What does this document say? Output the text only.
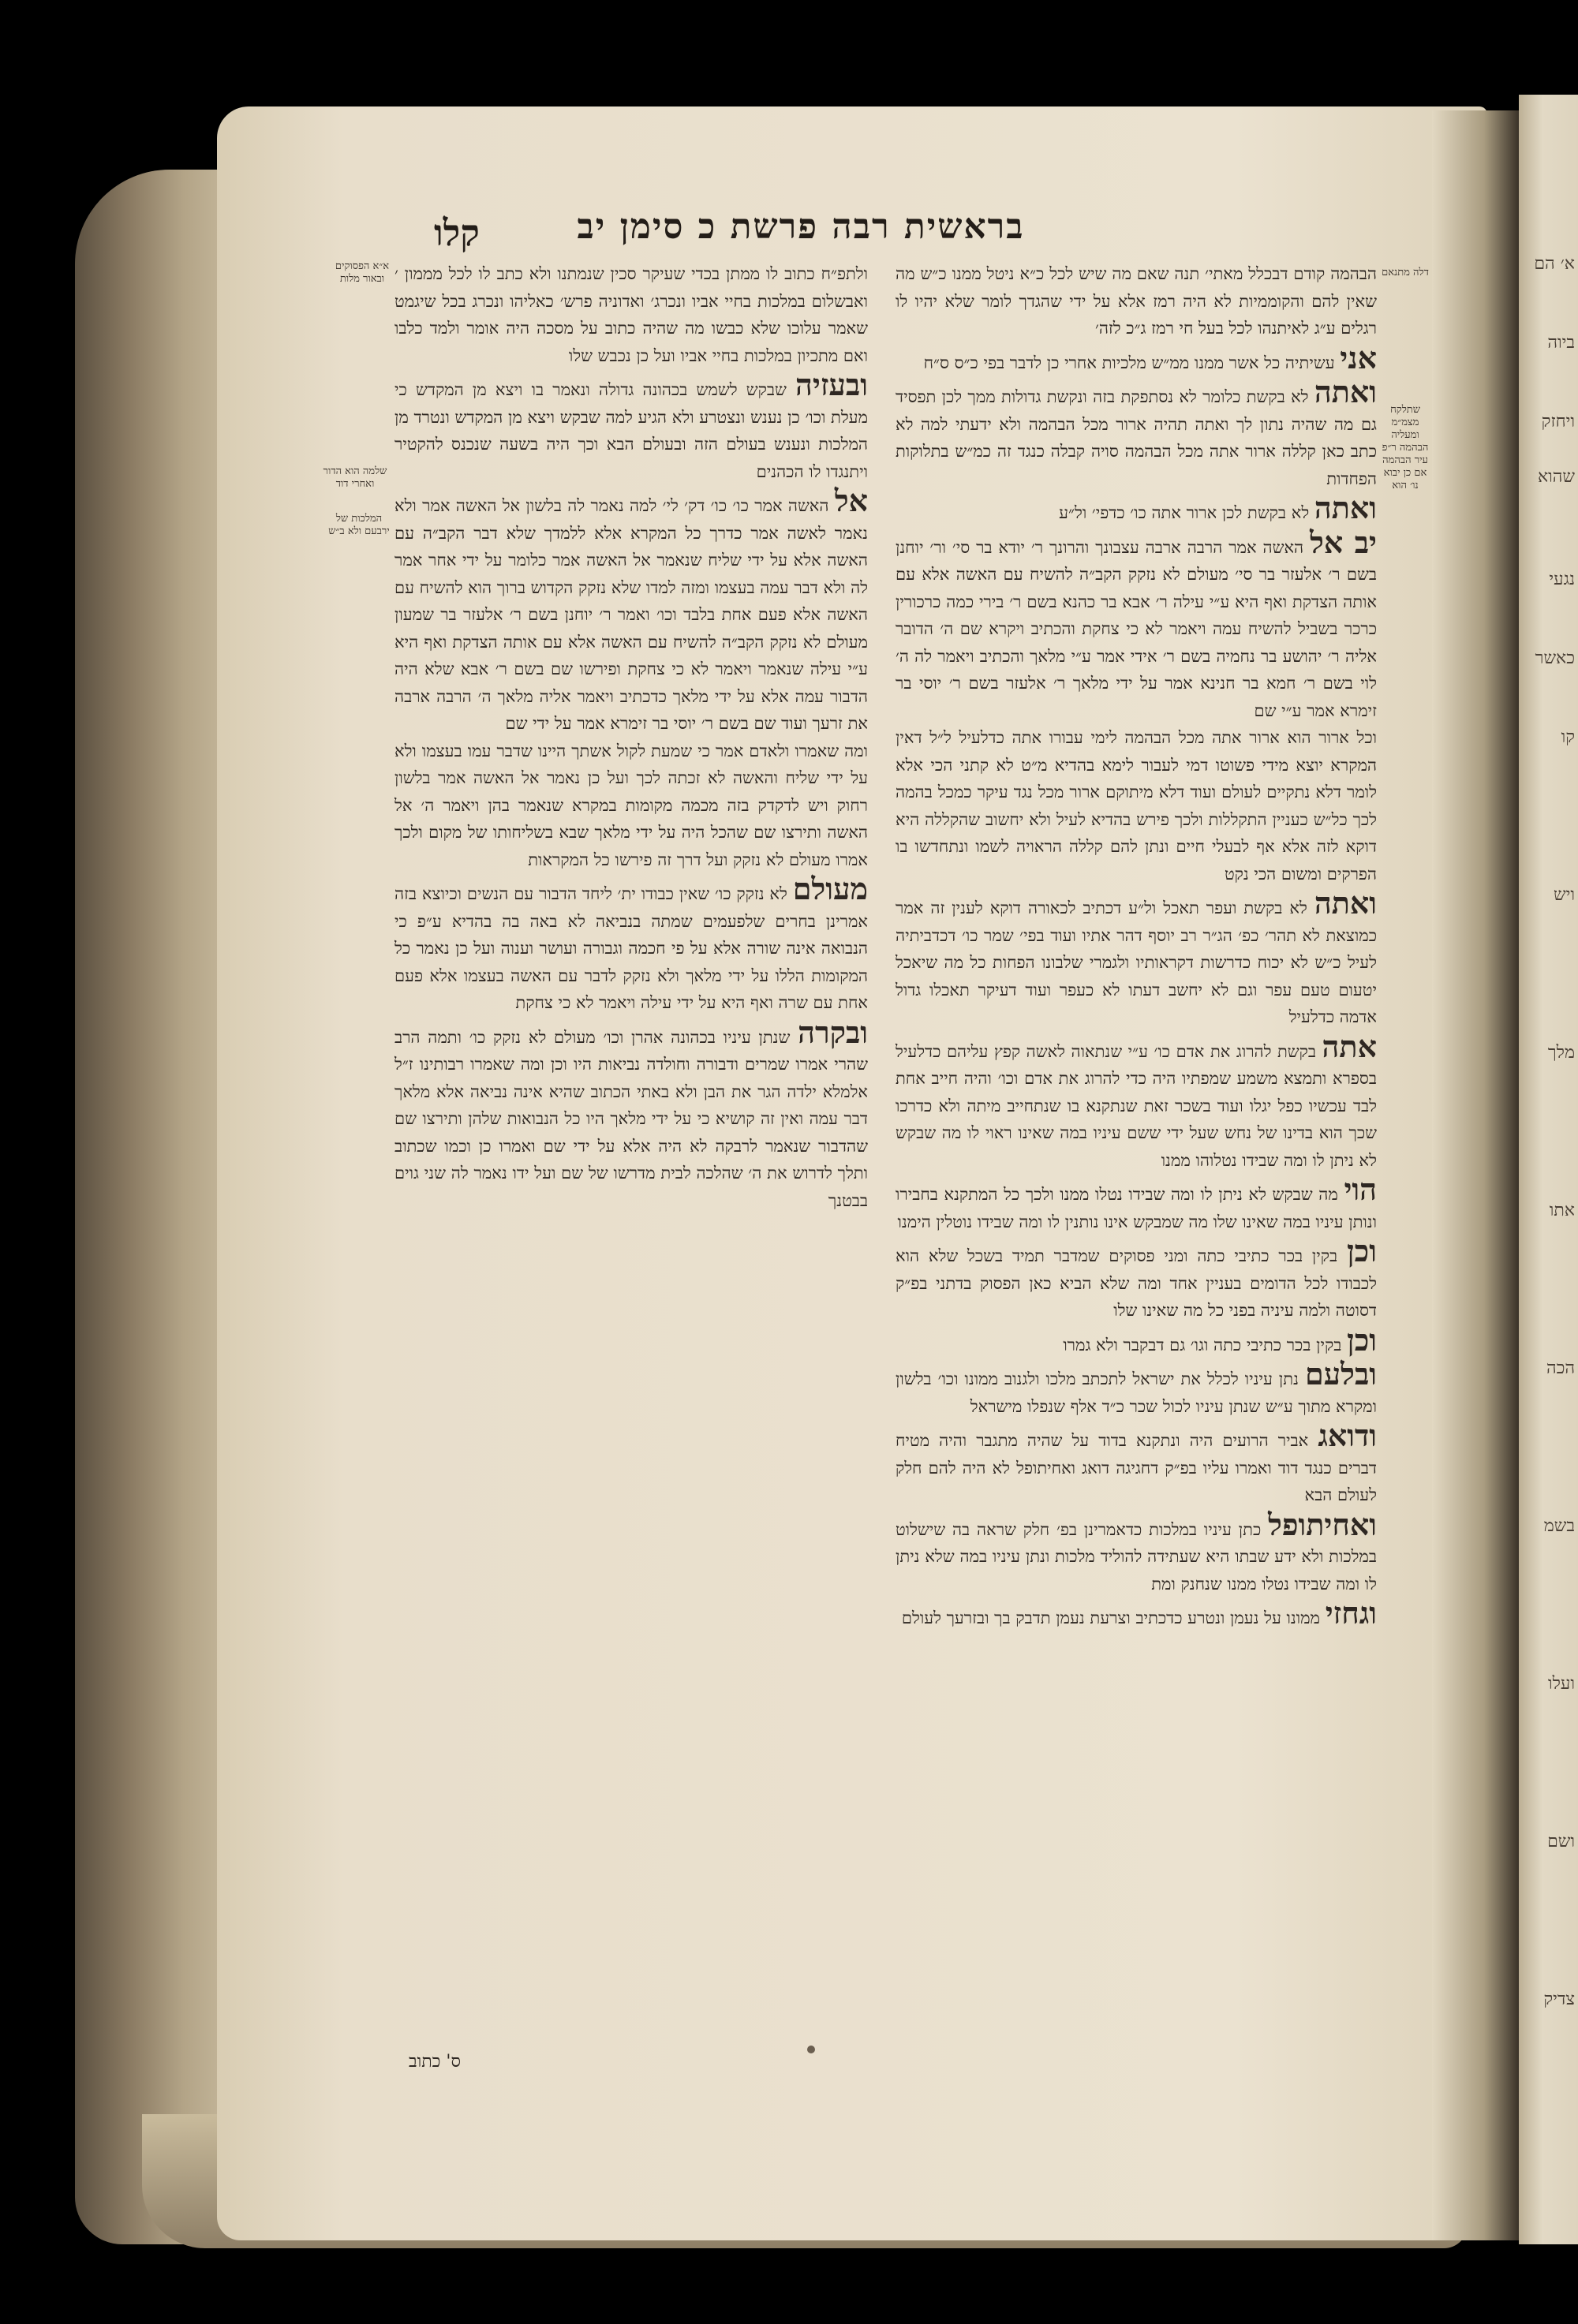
א׳ הם
ביוה
ויחזק
שהוא
נגעי
כאשר
קו
ויש
מלך
אתו
הכה
בשמ
ועלו
ושם
צדיק
קלו	בראשית רבה פרשת כ סימן יב
א״א הפסוקים ובאור מלות
שלמה הוא הדור ואחרי דוד
המלכות של ירבעם ולא ב״ש
דלה מתנאם
שתלקח מצמ״מ ומעליה
הבהמה ר״פ עיר הבהמה אם כן יבוא נו׳ הוא

ולתפ״ח כתוב לו ממתן בכדי שעיקר סכין שנמתנו ולא כתב לו לכל מממון ׳ ואבשלום במלכות בחיי אביו ונכרג׳ ואדוניה פרש׳ כאליהו ונכרג בכל שיגמט שאמר עלוכו שלא כבשו מה שהיה כתוב על מסכה היה אומר ולמד כלבו ואם מתכיון במלכות בחיי אביו ועל כן נכבש שלו

ובעזיה שבקש לשמש בכהונה גדולה ונאמר בו ויצא מן המקדש כי מעלת וכו׳ כן נענש ונצטרע ולא הגיע למה שבקש ויצא מן המקדש ונטרד מן המלכות ונענש בעולם הזה ובעולם הבא וכך היה בשעה שנכנס להקטיר ויתנגדו לו הכהנים

אל האשה אמר כו׳ כו׳ דק׳ לי׳ למה נאמר לה בלשון אל האשה אמר ולא נאמר לאשה אמר כדרך כל המקרא אלא ללמדך שלא דבר הקב״ה עם האשה אלא על ידי שליח שנאמר אל האשה אמר כלומר על ידי אחר אמר לה ולא דבר עמה בעצמו ומזה למדו שלא נזקק הקדוש ברוך הוא להשיח עם האשה אלא פעם אחת בלבד וכו׳ ואמר ר׳ יוחנן בשם ר׳ אלעזר בר שמעון מעולם לא נזקק הקב״ה להשיח עם האשה אלא עם אותה הצדקת ואף היא ע״י עילה שנאמר ויאמר לא כי צחקת ופירשו שם בשם ר׳ אבא שלא היה הדבור עמה אלא על ידי מלאך כדכתיב ויאמר אליה מלאך ה׳ הרבה ארבה את זרעך ועוד שם בשם ר׳ יוסי בר זימרא אמר על ידי שם

ומה שאמרו ולאדם אמר כי שמעת לקול אשתך היינו שדבר עמו בעצמו ולא על ידי שליח והאשה לא זכתה לכך ועל כן נאמר אל האשה אמר בלשון רחוק ויש לדקדק בזה מכמה מקומות במקרא שנאמר בהן ויאמר ה׳ אל האשה ותירצו שם שהכל היה על ידי מלאך שבא בשליחותו של מקום ולכך אמרו מעולם לא נזקק ועל דרך זה פירשו כל המקראות

מעולם לא נזקק כו׳ שאין כבודו ית׳ ליחד הדבור עם הנשים וכיוצא בזה אמרינן בחרים שלפעמים שמתה בנביאה לא באה בה בהדיא ע״פ כי הנבואה אינה שורה אלא על פי חכמה וגבורה ועושר וענוה ועל כן נאמר כל המקומות הללו על ידי מלאך ולא נזקק לדבר עם האשה בעצמו אלא פעם אחת עם שרה ואף היא על ידי עילה ויאמר לא כי צחקת

ובקרה שנתן עיניו בכהונה אהרן וכו׳ מעולם לא נזקק כו׳ ותמה הרב שהרי אמרו שמרים ודבורה וחולדה נביאות היו וכן ומה שאמרו רבותינו ז״ל אלמלא ילדה הגר את הבן ולא באתי הכתוב שהיא אינה נביאה אלא מלאך דבר עמה ואין זה קושיא כי על ידי מלאך היו כל הנבואות שלהן ותירצו שם שהדבור שנאמר לרבקה לא היה אלא על ידי שם ואמרו כן וכמו שכתוב ותלך לדרוש את ה׳ שהלכה לבית מדרשו של שם ועל ידו נאמר לה שני גוים בבטנך

הבהמה קודם דבכלל מאתי׳ תנה שאם מה שיש לכל כ״א ניטל ממנו כ״ש מה שאין להם והקוממיות לא היה רמז אלא על ידי שהגדך לומר שלא יהיו לו רגלים ע״ג לאיתנהו לכל בעל חי רמז ג״כ לזה׳

אני עשיתיה כל אשר ממנו ממ״ש מלכיות אחרי כן לדבר בפי כ״ס ס״ח

ואתה לא בקשת כלומר לא נסתפקת בזה ונקשת גדולות ממך לכן תפסיד גם מה שהיה נתון לך ואתה תהיה ארור מכל הבהמה ולא ידעתי למה לא כתב כאן קללה ארור אתה מכל הבהמה סויה קבלה כנגד זה כמ״ש בתלוקות הפחדות

ואתה לא בקשת לכן ארור אתה כו׳ כדפי׳ ול״ע

יב אל האשה אמר הרבה ארבה עצבונך והרונך ר׳ יודא בר סי׳ ור׳ יוחנן בשם ר׳ אלעזר בר סי׳ מעולם לא נזקק הקב״ה להשיח עם האשה אלא עם אותה הצדקת ואף היא ע״י עילה ר׳ אבא בר כהנא בשם ר׳ בירי כמה כרכורין כרכר בשביל להשיח עמה ויאמר לא כי צחקת והכתיב ויקרא שם ה׳ הדובר אליה ר׳ יהושע בר נחמיה בשם ר׳ אידי אמר ע״י מלאך והכתיב ויאמר לה ה׳ לוי בשם ר׳ חמא בר חנינא אמר על ידי מלאך ר׳ אלעזר בשם ר׳ יוסי בר זימרא אמר ע״י שם

וכל ארור הוא ארור אתה מכל הבהמה לימי עבורו אתה כדלעיל ל״ל דאין המקרא יוצא מידי פשוטו דמי לעבור לימא בהדיא מ״ט לא קתני הכי אלא לומר דלא נתקיים לעולם ועוד דלא מיתוקם ארור מכל נגד עיקר כמכל בהמה לכך כל״ש כעניין התקללות ולכך פירש בהדיא לעיל ולא יחשוב שהקללה היא דוקא לזה אלא אף לבעלי חיים ונתן להם קללה הראויה לשמו ונתחדשו בו הפרקים ומשום הכי נקט

ואתה לא בקשת ועפר תאכל ול״ע דכתיב לכאורה דוקא לענין זה אמר כמוצאת לא תהר׳ כפ׳ הג״ר רב יוסף דהר אתיו ועוד בפי׳ שמר כו׳ דכדביתיה לעיל כ״ש לא יכוח כדרשות דקראותיו ולגמרי שלבונו הפחות כל מה שיאכל יטעום טעם עפר וגם לא יחשב דעתו לא כעפר ועוד דעיקר תאכלו גדול אדמה כדלעיל

אתה בקשת להרוג את אדם כו׳ ע״י שנתאוה לאשה קפץ עליהם כדלעיל בספרא ותמצא משמע שמפתיו היה כדי להרוג את אדם וכו׳ והיה חייב אחת לבד עכשיו כפל יגלו ועוד בשכר זאת שנתקנא בו שנתחייב מיתה ולא כדרכו שכך הוא בדינו של נחש שעל ידי ששם עיניו במה שאינו ראוי לו מה שבקש לא ניתן לו ומה שבידו נטלוהו ממנו

הוי מה שבקש לא ניתן לו ומה שבידו נטלו ממנו ולכך כל המתקנא בחבירו ונותן עיניו במה שאינו שלו מה שמבקש אינו נותנין לו ומה שבידו נוטלין הימנו

וכן בקין בכר כתיבי כתה ומני פסוקים שמדבר תמיד בשכל שלא הוא לכבודו לכל הדומים בעניין אחד ומה שלא הביא כאן הפסוק בדתני בפ״ק דסוטה ולמה עיניה בפני כל מה שאינו שלו

וכן בקין בכר כתיבי כתה וגו׳ גם דבקבר ולא גמרו

ובלעם נתן עיניו לכלל את ישראל לתכתב מלכו ולגנוב ממונו וכו׳ בלשון ומקרא מתוך ע״ש שנתן עיניו לכול שכר כ״ד אלף שנפלו מישראל

ודואג אביר הרועים היה ונתקנא בדוד על שהיה מתגבר והיה מטיח דברים כנגד דוד ואמרו עליו בפ״ק דחגיגה דואג ואחיתופל לא היה להם חלק לעולם הבא

ואחיתופל כתן עיניו במלכות כדאמרינן בפ׳ חלק שראה בה שישלוט במלכות ולא ידע שבתו היא שעתידה להוליד מלכות ונתן עיניו במה שלא ניתן לו ומה שבידו נטלו ממנו שנחנק ומת

וגחזי ממונו על נעמן ונטרע כדכתיב וצרעת נעמן תדבק בך ובזרעך לעולם

ס' כתוב
